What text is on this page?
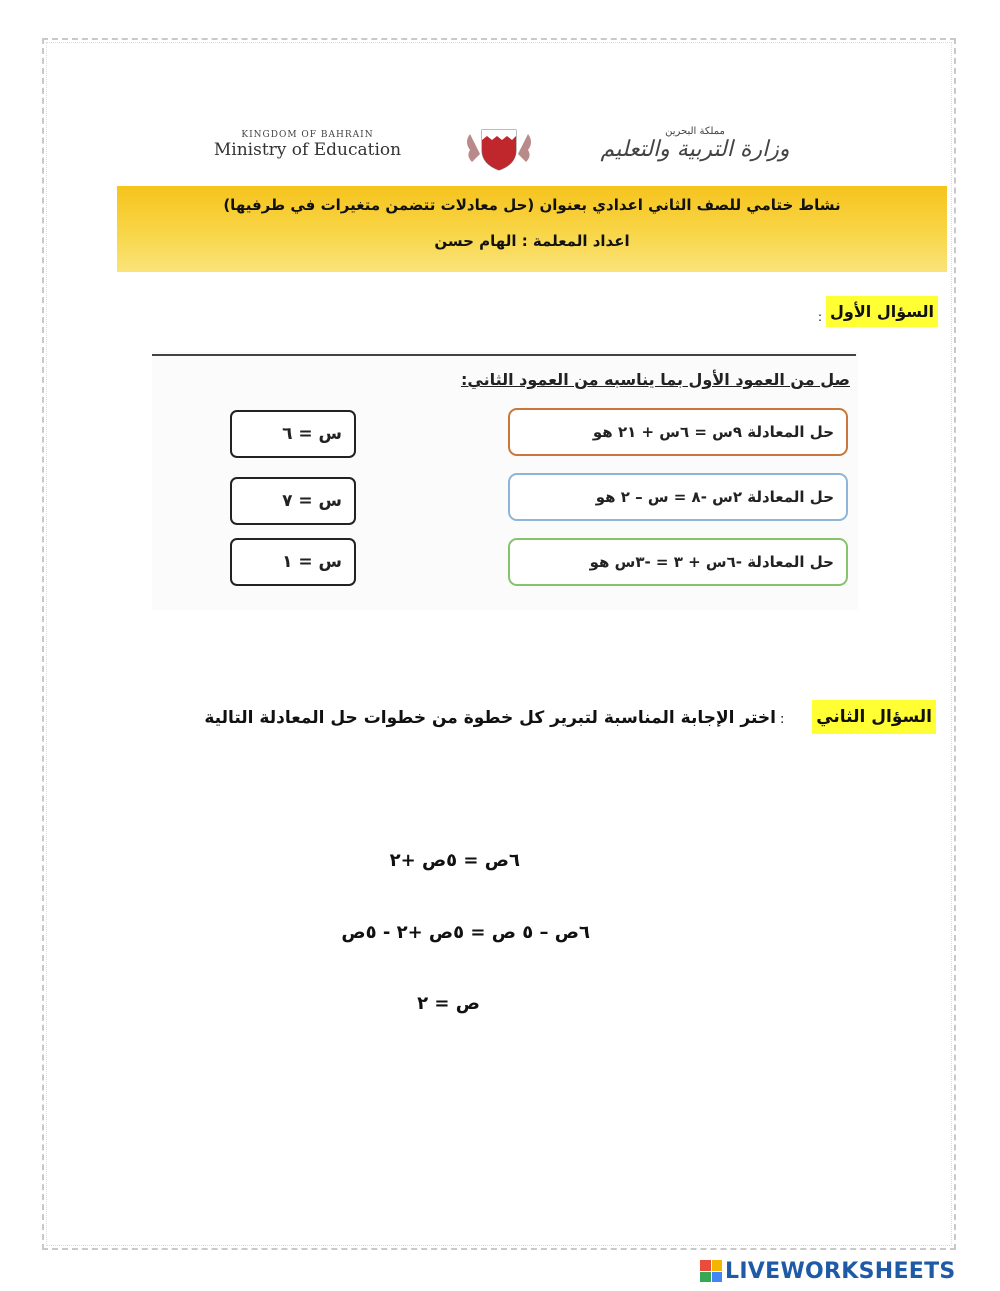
KINGDOM OF BAHRAIN
Ministry of Education
مملكة البحرين
وزارة التربية والتعليم
نشاط ختامي للصف الثاني اعدادي بعنوان (حل معادلات تتضمن متغيرات في طرفيها)
اعداد المعلمة : الهام حسن
السؤال الأول
:
صل من العمود الأول بما يناسبه من العمود الثاني:
حل المعادلة ٩س = ٦س + ٢١ هو
حل المعادلة ٢س -٨ = س – ٢ هو
حل المعادلة -٦س + ٣ = -٣س هو
س = ٦
س = ٧
س = ١
السؤال الثاني
:
اختر الإجابة المناسبة لتبرير كل خطوة من خطوات حل المعادلة التالية
٦ص = ٥ص +٢
٦ص – ٥ ص = ٥ص +٢ - ٥ص
ص = ٢
LIVEWORKSHEETS
